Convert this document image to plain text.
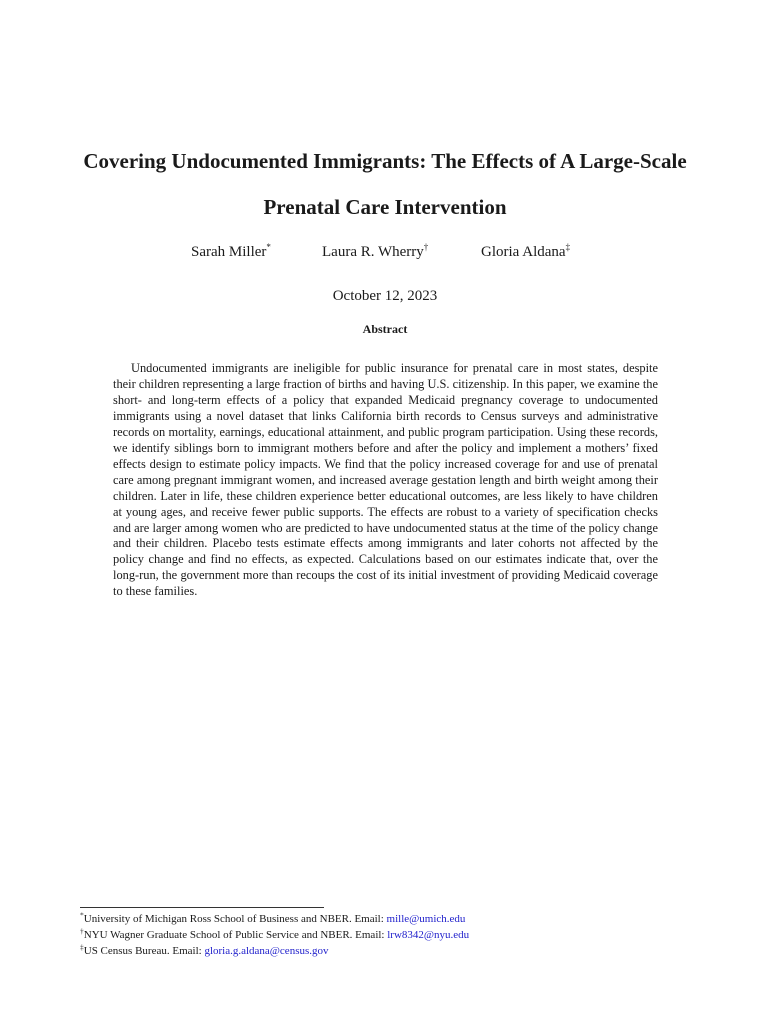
Covering Undocumented Immigrants: The Effects of A Large-Scale Prenatal Care Intervention
Sarah Miller*	Laura R. Wherry†	Gloria Aldana‡
October 12, 2023
Abstract

Undocumented immigrants are ineligible for public insurance for prenatal care in most states, despite their children representing a large fraction of births and having U.S. citizenship. In this paper, we examine the short- and long-term effects of a policy that expanded Medicaid pregnancy coverage to undocumented immigrants using a novel dataset that links California birth records to Census surveys and administrative records on mortality, earnings, educational attainment, and public program participation. Using these records, we identify siblings born to immigrant mothers before and after the policy and implement a mothers’ fixed effects design to estimate policy impacts. We find that the policy increased coverage for and use of prenatal care among pregnant immigrant women, and increased average gestation length and birth weight among their children. Later in life, these children experience better educational outcomes, are less likely to have children at young ages, and receive fewer public supports. The effects are robust to a variety of specification checks and are larger among women who are predicted to have undocumented status at the time of the policy change and their children. Placebo tests estimate effects among immigrants and later cohorts not affected by the policy change and find no effects, as expected. Calculations based on our estimates indicate that, over the long-run, the government more than recoups the cost of its initial investment of providing Medicaid coverage to these families.

*University of Michigan Ross School of Business and NBER. Email: mille@umich.edu
†NYU Wagner Graduate School of Public Service and NBER. Email: lrw8342@nyu.edu
‡US Census Bureau. Email: gloria.g.aldana@census.gov
